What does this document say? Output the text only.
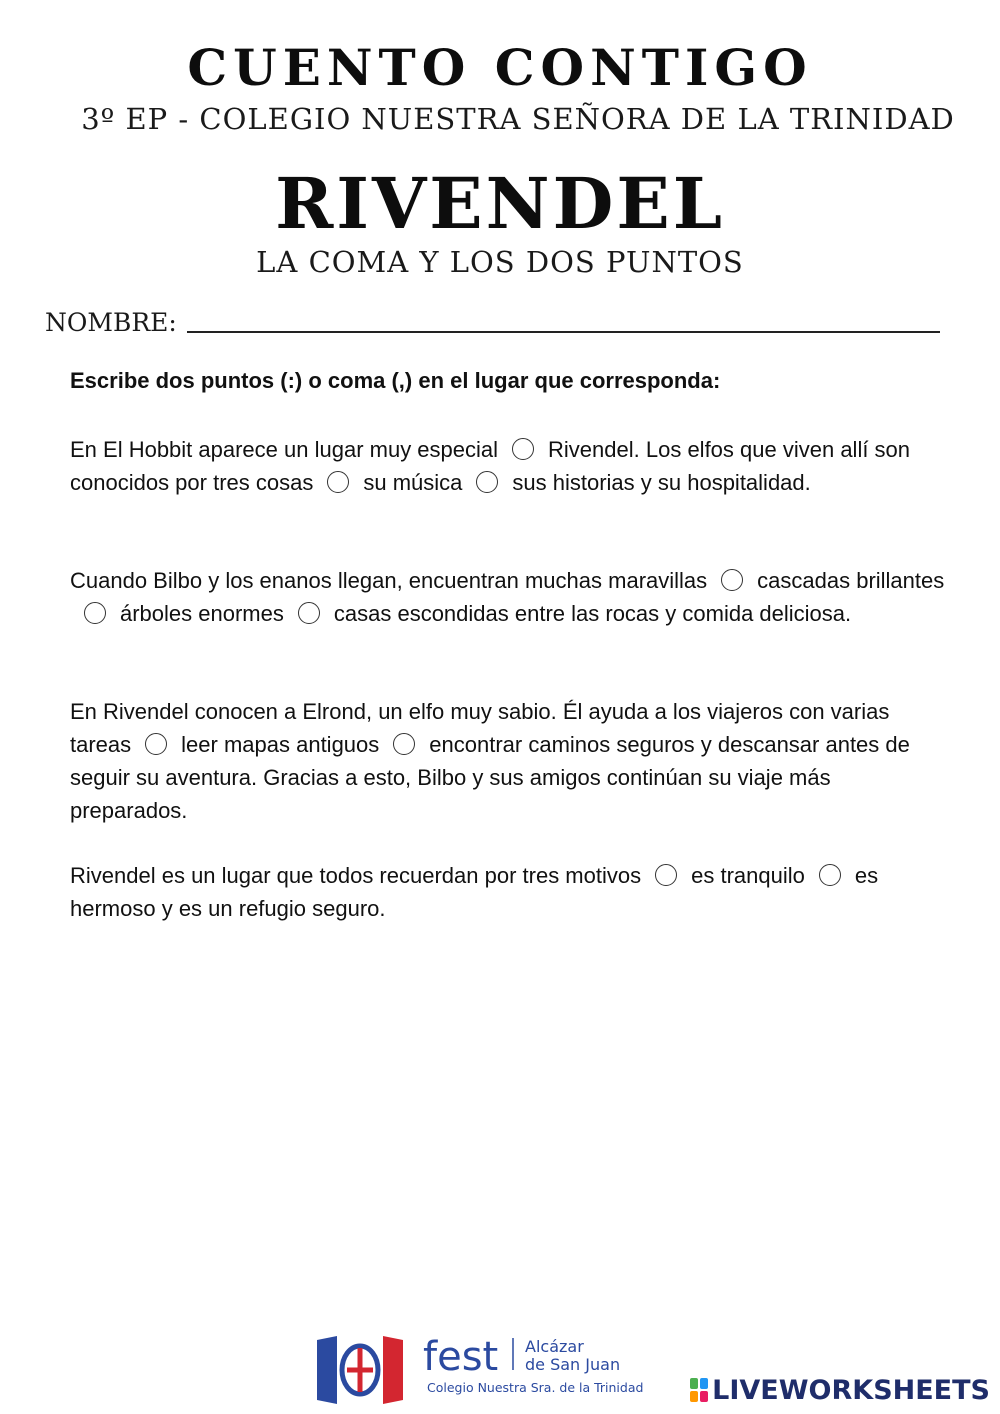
CUENTO CONTIGO
3º EP - COLEGIO NUESTRA SEÑORA DE LA TRINIDAD
RIVENDEL
LA COMA Y LOS DOS PUNTOS
NOMBRE:
Escribe dos puntos (:) o coma (,) en el lugar que corresponda:
En El Hobbit aparece un lugar muy especial Rivendel. Los elfos que viven allí son conocidos por tres cosas su música sus historias y su hospitalidad.
Cuando Bilbo y los enanos llegan, encuentran muchas maravillas cascadas brillantesárboles enormes casas escondidas entre las rocas y comida deliciosa.
En Rivendel conocen a Elrond, un elfo muy sabio. Él ayuda a los viajeros con varias tareas leer mapas antiguos encontrar caminos seguros y descansar antes de seguir su aventura. Gracias a esto, Bilbo y sus amigos continúan su viaje más preparados.
Rivendel es un lugar que todos recuerdan por tres motivos es tranquilo es hermoso y es un refugio seguro.
fest Alcázar
de San Juan
Colegio Nuestra Sra. de la Trinidad	LIVEWORKSHEETS
